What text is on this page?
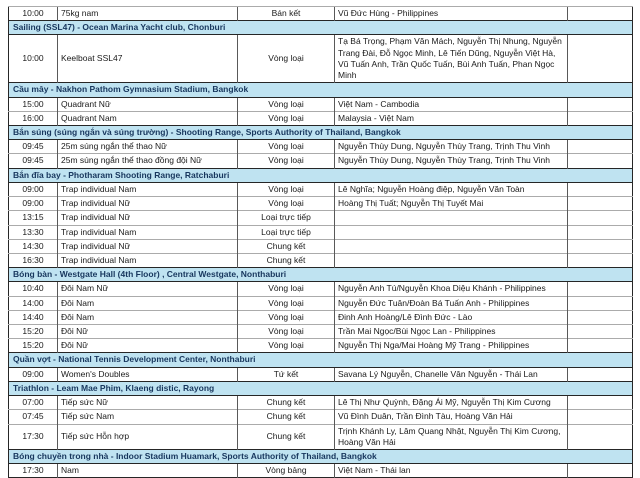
10:00	75kg nam	Bán kết	Vũ Đức Hùng - Philippines	
Sailing (SSL47) - Ocean Marina Yacht club, Chonburi				
10:00	Keelboat SSL47	Vòng loại	Tạ Bá Trọng, Phạm Văn Mách, Nguyễn Thị Nhung, Nguyễn Trang Đài, Đỗ Ngọc Minh, Lê Tiến Dũng, Nguyễn Việt Hà, Vũ Tuấn Anh, Trần Quốc Tuấn, Bùi Anh Tuấn, Phan Ngọc Minh	
Cầu mây - Nakhon Pathom Gymnasium Stadium, Bangkok				
15:00	Quadrant Nữ	Vòng loại	Việt Nam - Cambodia	
16:00	Quadrant Nam	Vòng loại	Malaysia - Việt Nam	
Bắn súng (súng ngắn và súng trường) - Shooting Range, Sports Authority of Thailand, Bangkok				
09:45	25m súng ngắn thể thao Nữ	Vòng loại	Nguyễn Thùy Dung, Nguyễn Thùy Trang, Trịnh Thu Vinh	
09:45	25m súng ngắn thể thao đồng đội Nữ	Vòng loại	Nguyễn Thùy Dung, Nguyễn Thùy Trang, Trịnh Thu Vinh	
Bắn đĩa bay - Photharam Shooting Range, Ratchaburi				
09:00	Trap individual Nam	Vòng loại	Lê Nghĩa; Nguyễn Hoàng điệp, Nguyễn Văn Toàn	
09:00	Trap individual Nữ	Vòng loại	Hoàng Thị Tuất; Nguyễn Thị Tuyết Mai	
13:15	Trap individual Nữ	Loại trực tiếp		
13:30	Trap individual Nam	Loại trực tiếp		
14:30	Trap individual Nữ	Chung kết		
16:30	Trap individual Nam	Chung kết		
Bóng bàn - Westgate Hall (4th Floor) , Central Westgate, Nonthaburi				
10:40	Đôi Nam Nữ	Vòng loại	Nguyễn Anh Tú/Nguyễn Khoa Diệu Khánh - Philippines	
14:00	Đôi Nam	Vòng loại	Nguyễn Đức Tuân/Đoàn Bá Tuấn Anh - Philippines	
14:40	Đôi Nam	Vòng loại	Đinh Anh Hoàng/Lê Đình Đức - Lào	
15:20	Đôi Nữ	Vòng loại	Trần Mai Ngọc/Bùi Ngọc Lan - Philippines	
15:20	Đôi Nữ	Vòng loại	Nguyễn Thị Nga/Mai Hoàng Mỹ Trang - Philippines	
Quần vợt - National Tennis Development Center, Nonthaburi				
09:00	Women's Doubles	Tứ kết	Savana Lý Nguyễn, Chanelle Vân Nguyễn - Thái Lan	
Triathlon - Leam Mae Phim, Klaeng distic, Rayong				
07:00	Tiếp sức Nữ	Chung kết	Lê Thị Như Quỳnh, Đặng Ái Mỹ, Nguyễn Thị Kim Cương	
07:45	Tiếp sức Nam	Chung kết	Vũ Đình Duân, Trần Đình Tàu, Hoàng Văn Hải	
17:30	Tiếp sức Hỗn hợp	Chung kết	Trịnh Khánh Ly, Lâm Quang Nhật, Nguyễn Thị Kim Cương, Hoàng Văn Hải	
Bóng chuyền trong nhà - Indoor Stadium Huamark, Sports Authority of Thailand, Bangkok				
17:30	Nam	Vòng bảng	Việt Nam - Thái lan	
